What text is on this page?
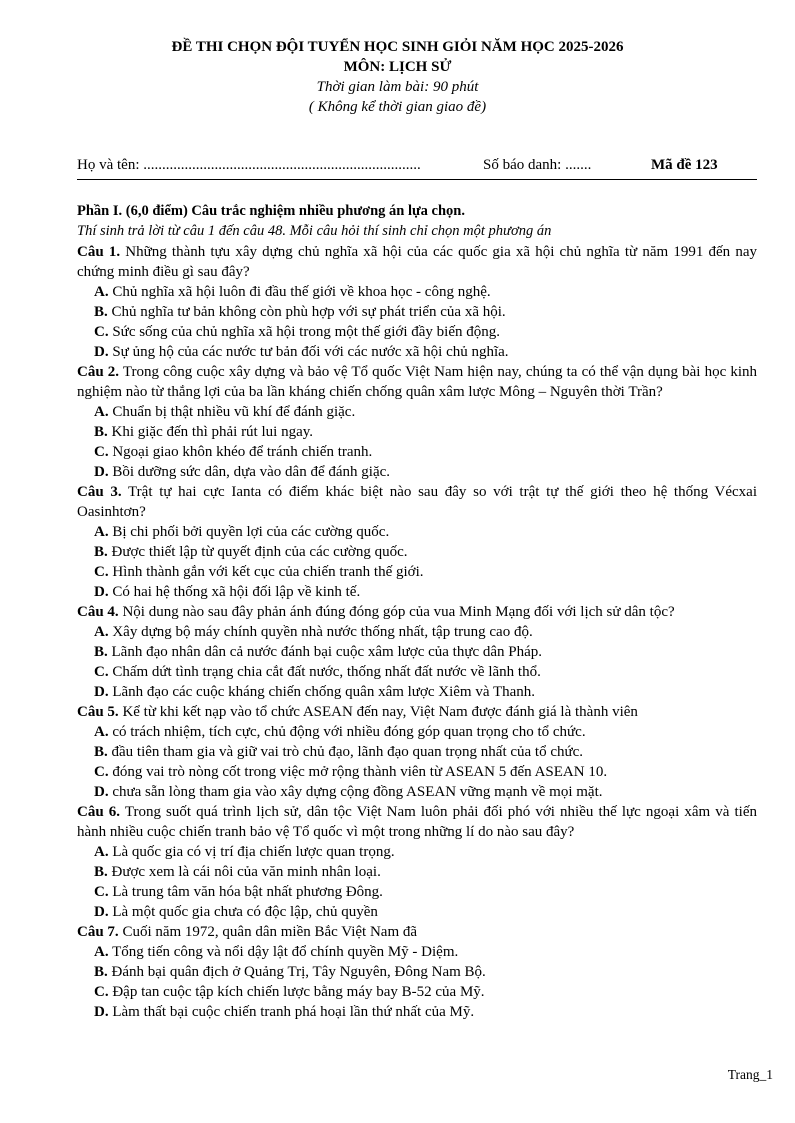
ĐỀ THI CHỌN ĐỘI TUYỂN HỌC SINH GIỎI NĂM HỌC 2025-2026
MÔN: LỊCH SỬ
Thời gian làm bài: 90 phút
( Không kể thời gian giao đề)
Họ và tên: ..........................................................................	Số báo danh: .......	Mã đề 123
Phần I. (6,0 điểm) Câu trắc nghiệm nhiều phương án lựa chọn.
Thí sinh trả lời từ câu 1 đến câu 48. Mỗi câu hỏi thí sinh chỉ chọn một phương án

Câu 1. Những thành tựu xây dựng chủ nghĩa xã hội của các quốc gia xã hội chủ nghĩa từ năm 1991 đến nay chứng minh điều gì sau đây?

A. Chủ nghĩa xã hội luôn đi đầu thế giới về khoa học - công nghệ.

B. Chủ nghĩa tư bản không còn phù hợp với sự phát triển của xã hội.

C. Sức sống của chủ nghĩa xã hội trong một thế giới đầy biến động.

D. Sự ủng hộ của các nước tư bản đối với các nước xã hội chủ nghĩa.

Câu 2. Trong công cuộc xây dựng và bảo vệ Tổ quốc Việt Nam hiện nay, chúng ta có thể vận dụng bài học kinh nghiệm nào từ thắng lợi của ba lần kháng chiến chống quân xâm lược Mông – Nguyên thời Trần?

A. Chuẩn bị thật nhiều vũ khí để đánh giặc.

B. Khi giặc đến thì phải rút lui ngay.

C. Ngoại giao khôn khéo để tránh chiến tranh.

D. Bồi dưỡng sức dân, dựa vào dân để đánh giặc.

Câu 3. Trật tự hai cực Ianta có điểm khác biệt nào sau đây so với trật tự thế giới theo hệ thống Vécxai Oasinhtơn?

A. Bị chi phối bởi quyền lợi của các cường quốc.

B. Được thiết lập từ quyết định của các cường quốc.

C. Hình thành gắn với kết cục của chiến tranh thế giới.

D. Có hai hệ thống xã hội đối lập về kinh tế.

Câu 4. Nội dung nào sau đây phản ánh đúng đóng góp của vua Minh Mạng đối với lịch sử dân tộc?

A. Xây dựng bộ máy chính quyền nhà nước thống nhất, tập trung cao độ.

B. Lãnh đạo nhân dân cả nước đánh bại cuộc xâm lược của thực dân Pháp.

C. Chấm dứt tình trạng chia cắt đất nước, thống nhất đất nước về lãnh thổ.

D. Lãnh đạo các cuộc kháng chiến chống quân xâm lược Xiêm và Thanh.

Câu 5. Kể từ khi kết nạp vào tổ chức ASEAN đến nay, Việt Nam được đánh giá là thành viên

A. có trách nhiệm, tích cực, chủ động với nhiều đóng góp quan trọng cho tổ chức.

B. đầu tiên tham gia và giữ vai trò chủ đạo, lãnh đạo quan trọng nhất của tổ chức.

C. đóng vai trò nòng cốt trong việc mở rộng thành viên từ ASEAN 5 đến ASEAN 10.

D. chưa sẵn lòng tham gia vào xây dựng cộng đồng ASEAN vững mạnh về mọi mặt.

Câu 6. Trong suốt quá trình lịch sử, dân tộc Việt Nam luôn phải đối phó với nhiều thế lực ngoại xâm và tiến hành nhiều cuộc chiến tranh bảo vệ Tổ quốc vì một trong những lí do nào sau đây?

A. Là quốc gia có vị trí địa chiến lược quan trọng.

B. Được xem là cái nôi của văn minh nhân loại.

C. Là trung tâm văn hóa bật nhất phương Đông.

D. Là một quốc gia chưa có độc lập, chủ quyền

Câu 7. Cuối năm 1972, quân dân miền Bắc Việt Nam đã

A. Tổng tiến công và nổi dậy lật đổ chính quyền Mỹ - Diệm.

B. Đánh bại quân địch ở Quảng Trị, Tây Nguyên, Đông Nam Bộ.

C. Đập tan cuộc tập kích chiến lược bằng máy bay B-52 của Mỹ.

D. Làm thất bại cuộc chiến tranh phá hoại lần thứ nhất của Mỹ.

Trang_1
